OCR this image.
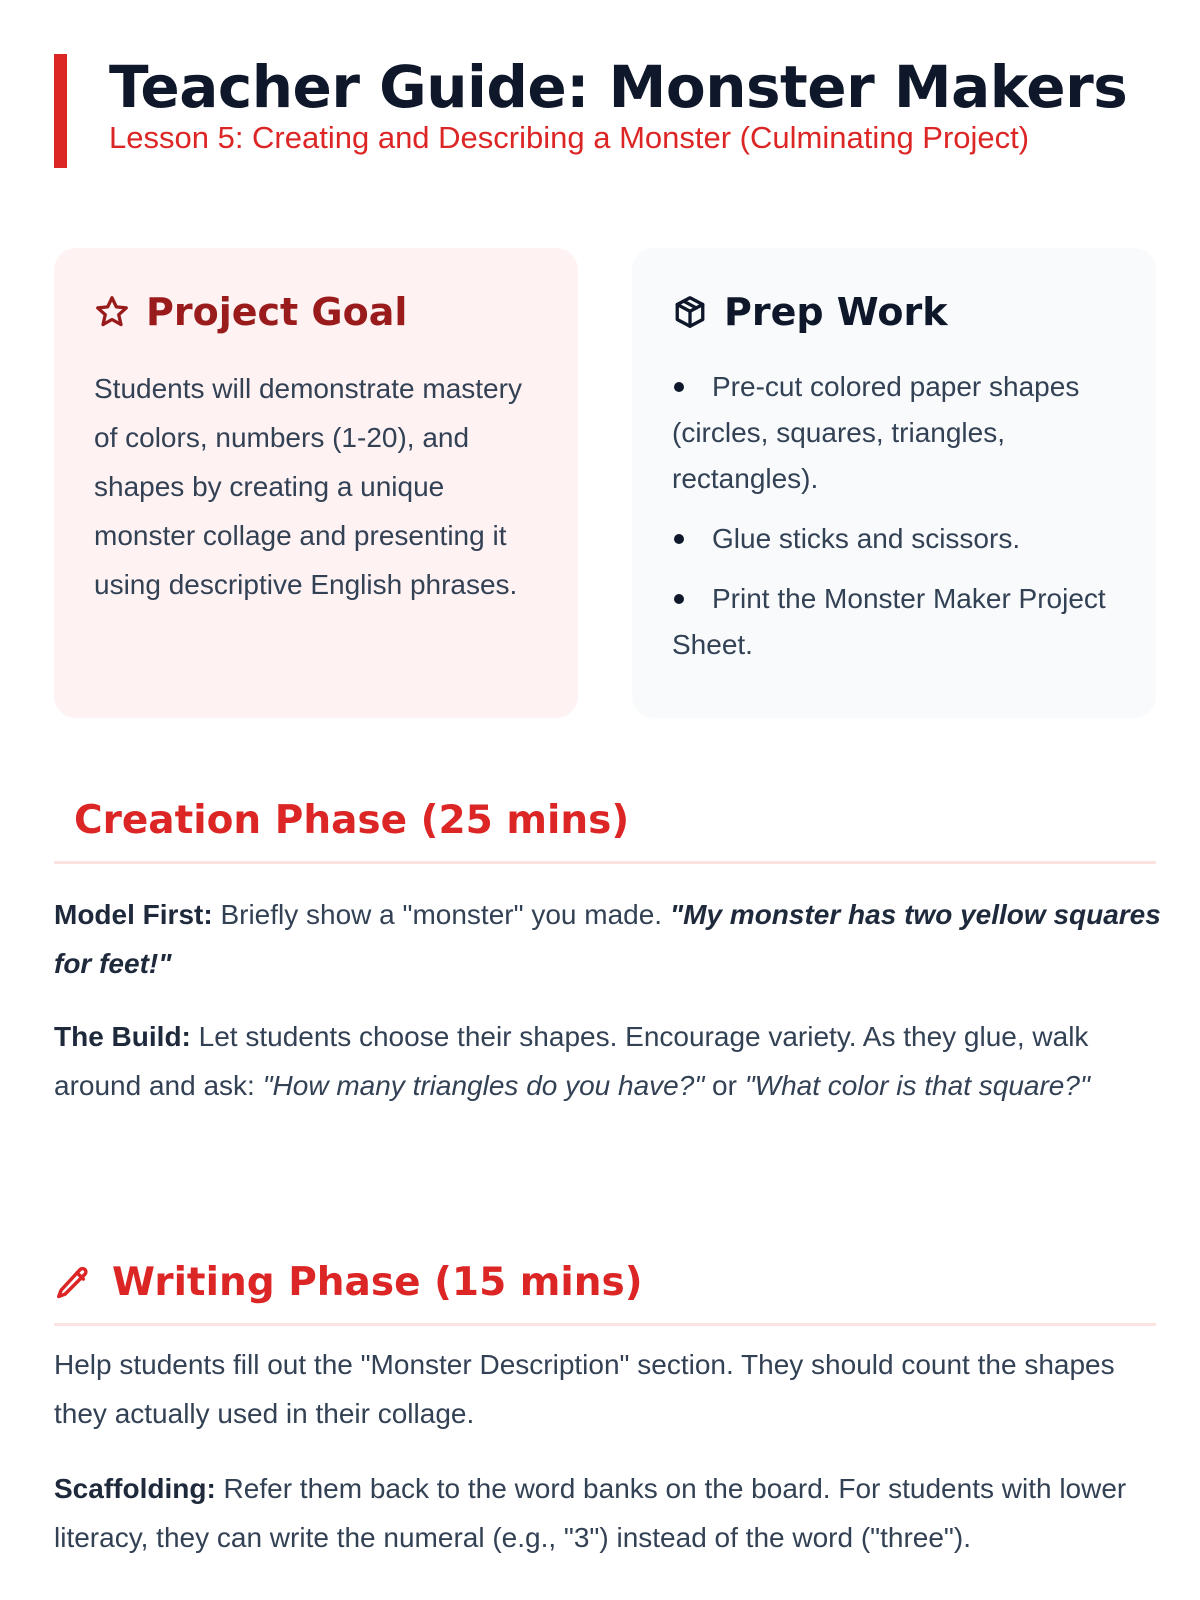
Teacher Guide: Monster Makers
Lesson 5: Creating and Describing a Monster (Culminating Project)
Project Goal

Students will demonstrate mastery of colors, numbers (1-20), and shapes by creating a unique monster collage and presenting it using descriptive English phrases.

Prep Work
Pre-cut colored paper shapes (circles, squares, triangles, rectangles).
Glue sticks and scissors.
Print the Monster Maker Project Sheet.
Creation Phase (25 mins)

Model First: Briefly show a "monster" you made. "My monster has two yellow squares for feet!"

The Build: Let students choose their shapes. Encourage variety. As they glue, walk around and ask: "How many triangles do you have?" or "What color is that square?"

Writing Phase (15 mins)

Help students fill out the "Monster Description" section. They should count the shapes they actually used in their collage.

Scaffolding: Refer them back to the word banks on the board. For students with lower literacy, they can write the numeral (e.g., "3") instead of the word ("three").
